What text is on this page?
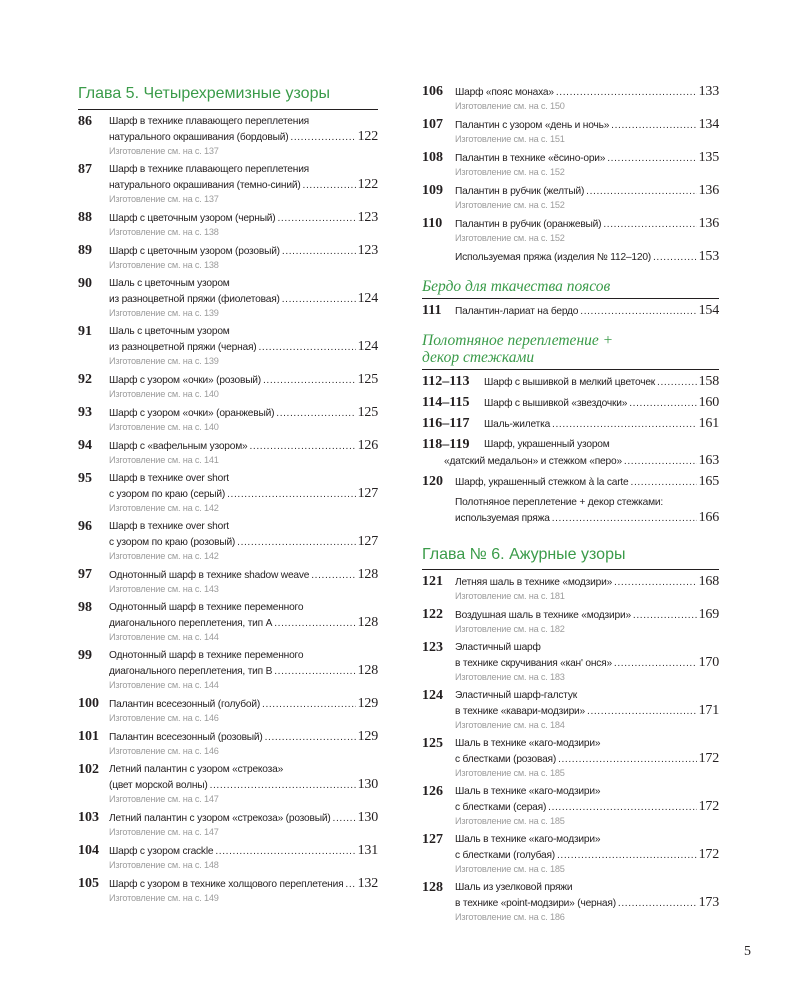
Глава 5. Четырехремизные узоры
86	Шарф в технике плавающего переплетения
натурального окрашивания (бордовый) .....	122
Изготовление см. на с. 137
87	Шарф в технике плавающего переплетения
натурального окрашивания (темно-синий) .....	122
Изготовление см. на с. 137
88	Шарф с цветочным узором (черный) .....	123
Изготовление см. на с. 138
89	Шарф с цветочным узором (розовый) .....	123
Изготовление см. на с. 138
90	Шаль с цветочным узором
из разноцветной пряжи (фиолетовая) .....	124
Изготовление см. на с. 139
91	Шаль с цветочным узором
из разноцветной пряжи (черная) .....	124
Изготовление см. на с. 139
92	Шарф с узором «очки» (розовый) .....	125
Изготовление см. на с. 140
93	Шарф с узором «очки» (оранжевый) .....	125
Изготовление см. на с. 140
94	Шарф с «вафельным узором» .....	126
Изготовление см. на с. 141
95	Шарф в технике over short
с узором по краю (серый) .....	127
Изготовление см. на с. 142
96	Шарф в технике over short
с узором по краю (розовый) .....	127
Изготовление см. на с. 142
97	Однотонный шарф в технике shadow weave .....	128
Изготовление см. на с. 143
98	Однотонный шарф в технике переменного
диагонального переплетения, тип А .....	128
Изготовление см. на с. 144
99	Однотонный шарф в технике переменного
диагонального переплетения, тип В .....	128
Изготовление см. на с. 144
100 Палантин всесезонный (голубой) .....	129
Изготовление см. на с. 146
101 Палантин всесезонный (розовый) .....	129
Изготовление см. на с. 146
102 Летний палантин с узором «стрекоза»
(цвет морской волны) .....	130
Изготовление см. на с. 147
103 Летний палантин с узором «стрекоза» (розовый) ..... 130
Изготовление см. на с. 147
104 Шарф с узором crackle .....	131
Изготовление см. на с. 148
105 Шарф с узором в технике холщового переплетения ..... 132
Изготовление см. на с. 149
106	Шарф «пояс монаха» .....	133
Изготовление см. на с. 150
107	Палантин с узором «день и ночь» .....	134
Изготовление см. на с. 151
108	Палантин в технике «ёсино-ори» .....	135
Изготовление см. на с. 152
109	Палантин в рубчик (желтый) .....	136
Изготовление см. на с. 152
110	Палантин в рубчик (оранжевый) .....	136
Изготовление см. на с. 152
Используемая пряжа (изделия № 112–120) .....	153
Бердо для ткачества поясов
111	Палантин-лариат на бердо .....	154
Полотняное переплетение +
декор стежками
112–113	Шарф с вышивкой в мелкий цветочек .....	158
114–115	Шарф с вышивкой «звездочки» .....	160
116–117	Шаль-жилетка .....	161
118–119	Шарф, украшенный узором
«датский медальон» и стежком «перо» .....	163
120	Шарф, украшенный стежком à la carte .....	165
Полотняное переплетение + декор стежками:
используемая пряжа .....	166
Глава № 6. Ажурные узоры
121	Летняя шаль в технике «модзири» .....	168
Изготовление см. на с. 181
122	Воздушная шаль в технике «модзири» .....	169
Изготовление см. на с. 182
123	Эластичный шарф
в технике скручивания «кан' онся» .....	170
Изготовление см. на с. 183
124	Эластичный шарф-галстук
в технике «кавари-модзири» .....	171
Изготовление см. на с. 184
125	Шаль в технике «каго-модзири»
с блестками (розовая) .....	172
Изготовление см. на с. 185
126	Шаль в технике «каго-модзири»
с блестками (серая) .....	172
Изготовление см. на с. 185
127	Шаль в технике «каго-модзири»
с блестками (голубая) .....	172
Изготовление см. на с. 185
128	Шаль из узелковой пряжи
в технике «point-модзири» (черная) .....	173
Изготовление см. на с. 186
5
